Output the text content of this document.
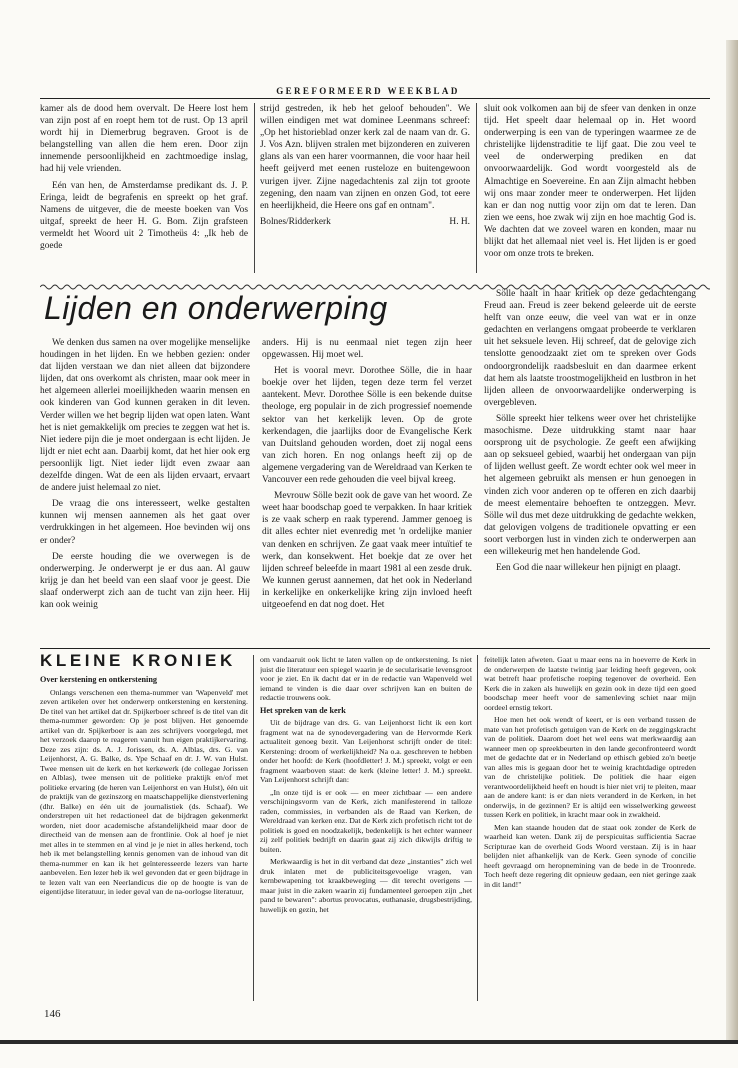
GEREFORMEERD WEEKBLAD

kamer als de dood hem overvalt. De Heere lost hem van zijn post af en roept hem tot de rust. Op 13 april wordt hij in Diemerbrug begraven. Groot is de belangstelling van allen die hem eren. Door zijn innemende persoonlijkheid en zachtmoedige inslag, had hij vele vrienden.

Eén van hen, de Amsterdamse predikant ds. J. P. Eringa, leidt de begrafenis en spreekt op het graf. Namens de uitgever, die de meeste boeken van Vos uitgaf, spreekt de heer H. G. Bom. Zijn grafsteen vermeldt het Woord uit 2 Timotheüs 4: „Ik heb de goede

strijd gestreden, ik heb het geloof behouden". We willen eindigen met wat dominee Leenmans schreef: „Op het historieblad onzer kerk zal de naam van dr. G. J. Vos Azn. blijven stralen met bijzonderen en zuiveren glans als van een harer voormannen, die voor haar heil heeft geijverd met eenen rusteloze en buitengewoon vurigen ijver. Zijne nagedachtenis zal zijn tot groote zegening, den naam van zijnen en onzen God, tot eere en heerlijkheid, die Heere ons gaf en ontnam".

Bolnes/Ridderkerk	H. H.

sluit ook volkomen aan bij de sfeer van denken in onze tijd. Het speelt daar helemaal op in. Het woord onderwerping is een van de typeringen waarmee ze de christelijke lijdenstraditie te lijf gaat. Die zou veel te veel de onderwerping prediken en dat onvoorwaardelijk. God wordt voorgesteld als de Almachtige en Soevereine. En aan Zijn almacht hebben wij ons maar zonder meer te onderwerpen. Het lijden kan er dan nog nuttig voor zijn om dat te leren. Dan zien we eens, hoe zwak wij zijn en hoe machtig God is. We dachten dat we zoveel waren en konden, maar nu blijkt dat het allemaal niet veel is. Het lijden is er goed voor om onze trots te breken.

Lijden en onderwerping

We denken dus samen na over mogelijke menselijke houdingen in het lijden. En we hebben gezien: onder dat lijden verstaan we dan niet alleen dat bijzondere lijden, dat ons overkomt als christen, maar ook meer in het algemeen allerlei moeilijkheden waarin mensen en ook kinderen van God kunnen geraken in dit leven. Verder willen we het begrip lijden wat open laten. Want het is niet gemakkelijk om precies te zeggen wat het is. Niet iedere pijn die je moet ondergaan is echt lijden. Je lijdt er niet echt aan. Daarbij komt, dat het hier ook erg persoonlijk ligt. Niet ieder lijdt even zwaar aan dezelfde dingen. Wat de een als lijden ervaart, ervaart de andere juist helemaal zo niet.

De vraag die ons interesseert, welke gestalten kunnen wij mensen aannemen als het gaat over verdrukkingen in het algemeen. Hoe bevinden wij ons er onder?

De eerste houding die we overwegen is de onderwerping. Je onderwerpt je er dus aan. Al gauw krijg je dan het beeld van een slaaf voor je geest. Die slaaf onderwerpt zich aan de tucht van zijn heer. Hij kan ook weinig

anders. Hij is nu eenmaal niet tegen zijn heer opgewassen. Hij moet wel.

Het is vooral mevr. Dorothee Sölle, die in haar boekje over het lijden, tegen deze term fel verzet aantekent. Mevr. Dorothee Sölle is een bekende duitse theologe, erg populair in de zich progressief noemende sektor van het kerkelijk leven. Op de grote kerkendagen, die jaarlijks door de Evangelische Kerk van Duitsland gehouden worden, doet zij nogal eens van zich horen. En nog onlangs heeft zij op de algemene vergadering van de Wereldraad van Kerken te Vancouver een rede gehouden die veel bijval kreeg.

Mevrouw Sölle bezit ook de gave van het woord. Ze weet haar boodschap goed te verpakken. In haar kritiek is ze vaak scherp en raak typerend. Jammer genoeg is dit alles echter niet evenredig met 'n ordelijke manier van denken en schrijven. Ze gaat vaak meer intuïtief te werk, dan konsekwent. Het boekje dat ze over het lijden schreef beleefde in maart 1981 al een zesde druk. We kunnen gerust aannemen, dat het ook in Nederland in kerkelijke en onkerkelijke kring zijn invloed heeft uitgeoefend en dat nog doet. Het

Sölle haalt in haar kritiek op deze gedachtengang Freud aan. Freud is zeer bekend geleerde uit de eerste helft van onze eeuw, die veel van wat er in onze gedachten en verlangens omgaat probeerde te verklaren uit het seksuele leven. Hij schreef, dat de gelovige zich tenslotte genoodzaakt ziet om te spreken over Gods ondoorgrondelijk raadsbesluit en dan daarmee erkent dat hem als laatste troostmogelijkheid en lustbron in het lijden alleen de onvoorwaardelijke onderwerping is overgebleven.

Sölle spreekt hier telkens weer over het christelijke masochisme. Deze uitdrukking stamt naar haar oorsprong uit de psychologie. Ze geeft een afwijking aan op seksueel gebied, waarbij het ondergaan van pijn of lijden wellust geeft. Ze wordt echter ook wel meer in het algemeen gebruikt als mensen er hun genoegen in vinden zich voor anderen op te offeren en zich daarbij de meest elementaire behoeften te ontzeggen. Mevr. Sölle wil dus met deze uitdrukking de gedachte wekken, dat gelovigen volgens de traditionele opvatting er een soort verborgen lust in vinden zich te onderwerpen aan een willekeurig met hen handelende God.

Een God die naar willekeur hen pijnigt en plaagt.

KLEINE KRONIEK

Over kerstening en ontkerstening

Onlangs verschenen een thema-nummer van 'Wapenveld' met zeven artikelen over het onderwerp ontkerstening en kerstening. De titel van het artikel dat dr. Spijkerboer schreef is de titel van dit thema-nummer geworden: Op je post blijven. Het genoemde artikel van dr. Spijkerboer is aan zes schrijvers voorgelegd, met het verzoek daarop te reageren vanuit hun eigen praktijkervaring. Deze zes zijn: ds. A. J. Jorissen, ds. A. Alblas, drs. G. van Leijenhorst, A. G. Balke, ds. Ype Schaaf en dr. J. W. van Hulst. Twee mensen uit de kerk en het kerkewerk (de collegae Jorissen en Alblas), twee mensen uit de politieke praktijk en/of met politieke ervaring (de heren van Leijenhorst en van Hulst), één uit de praktijk van de gezinszorg en maatschappelijke dienstverlening (dhr. Balke) en één uit de journalistiek (ds. Schaaf). We onderstrepen uit het redactioneel dat de bijdragen gekenmerkt worden, niet door academische afstandelijkheid maar door de directheid van de mensen aan de frontlinie. Ook al hoef je niet met alles in te stemmen en al vind je je niet in alles herkend, toch heb ik met belangstelling kennis genomen van de inhoud van dit thema-nummer en kan ik het geïnteresseerde lezers van harte aanbevelen. Een lezer heb ik wel gevonden dat er geen bijdrage in te lezen valt van een Neerlandicus die op de hoogte is van de eigentijdse literatuur, in ieder geval van de na-oorlogse literatuur,

om vandaaruit ook licht te laten vallen op de ontkerstening. Is niet juist die literatuur een spiegel waarin je de secularisatie levensgroot voor je ziet. En ik dacht dat er in de redactie van Wapenveld wel iemand te vinden is die daar over schrijven kan en buiten de redactie trouwens ook.

Het spreken van de kerk

Uit de bijdrage van drs. G. van Leijenhorst licht ik een kort fragment wat na de synodevergadering van de Hervormde Kerk actualiteit genoeg bezit. Van Leijenhorst schrijft onder de titel: Kerstening: droom of werkelijkheid? Na o.a. geschreven te hebben onder het hoofd: de Kerk (hoofdletter! J. M.) spreekt, volgt er een fragment waarboven staat: de kerk (kleine letter! J. M.) spreekt. Van Leijenhorst schrijft dan:

„In onze tijd is er ook — en meer zichtbaar — een andere verschijningsvorm van de Kerk, zich manifesterend in talloze raden, commissies, in verbanden als de Raad van Kerken, de Wereldraad van kerken enz. Dat de Kerk zich profetisch richt tot de politiek is goed en noodzakelijk, bedenkelijk is het echter wanneer zij zelf politiek bedrijft en daarin gaat zij zich dikwijls driftig te buiten.

Merkwaardig is het in dit verband dat deze „instanties" zich wel druk inlaten met de publiciteitsgevoelige vragen, van kernbewapening tot kraakbeweging — dit terecht overigens — maar juist in die zaken waarin zij fundamenteel geroepen zijn „het pand te bewaren": abortus provocatus, euthanasie, drugsbestrijding, huwelijk en gezin, het

feitelijk laten afweten. Gaat u maar eens na in hoeverre de Kerk in de onderwerpen de laatste twintig jaar leiding heeft gegeven, ook wat betreft haar profetische roeping tegenover de overheid. Een Kerk die in zaken als huwelijk en gezin ook in deze tijd een goed boodschap meer heeft voor de samenleving schiet naar mijn oordeel ernstig tekort.

Hoe men het ook wendt of keert, er is een verband tussen de mate van het profetisch getuigen van de Kerk en de zeggingskracht van de politiek. Daarom doet het wel eens wat merkwaardig aan wanneer men op spreekbeurten in den lande geconfronteerd wordt met de gedachte dat er in Nederland op ethisch gebied zo'n beetje van alles mis is gegaan door het te weinig krachtdadige optreden van de christelijke politiek. De politiek die haar eigen verantwoordelijkheid heeft en houdt is hier niet vrij te pleiten, maar aan de andere kant: is er dan niets veranderd in de Kerken, in het onderwijs, in de gezinnen? Er is altijd een wisselwerking geweest tussen Kerk en politiek, in kracht maar ook in zwakheid.

Men kan staande houden dat de staat ook zonder de Kerk de waarheid kan weten. Dank zij de perspicuitas sufficientia Sacrae Scripturae kan de overheid Gods Woord verstaan. Zij is in haar belijden niet afhankelijk van de Kerk. Geen synode of concilie heeft gevraagd om heropnemining van de bede in de Troonrede. Toch heeft deze regering dit opnieuw gedaan, een niet geringe zaak in dit land!"

146
